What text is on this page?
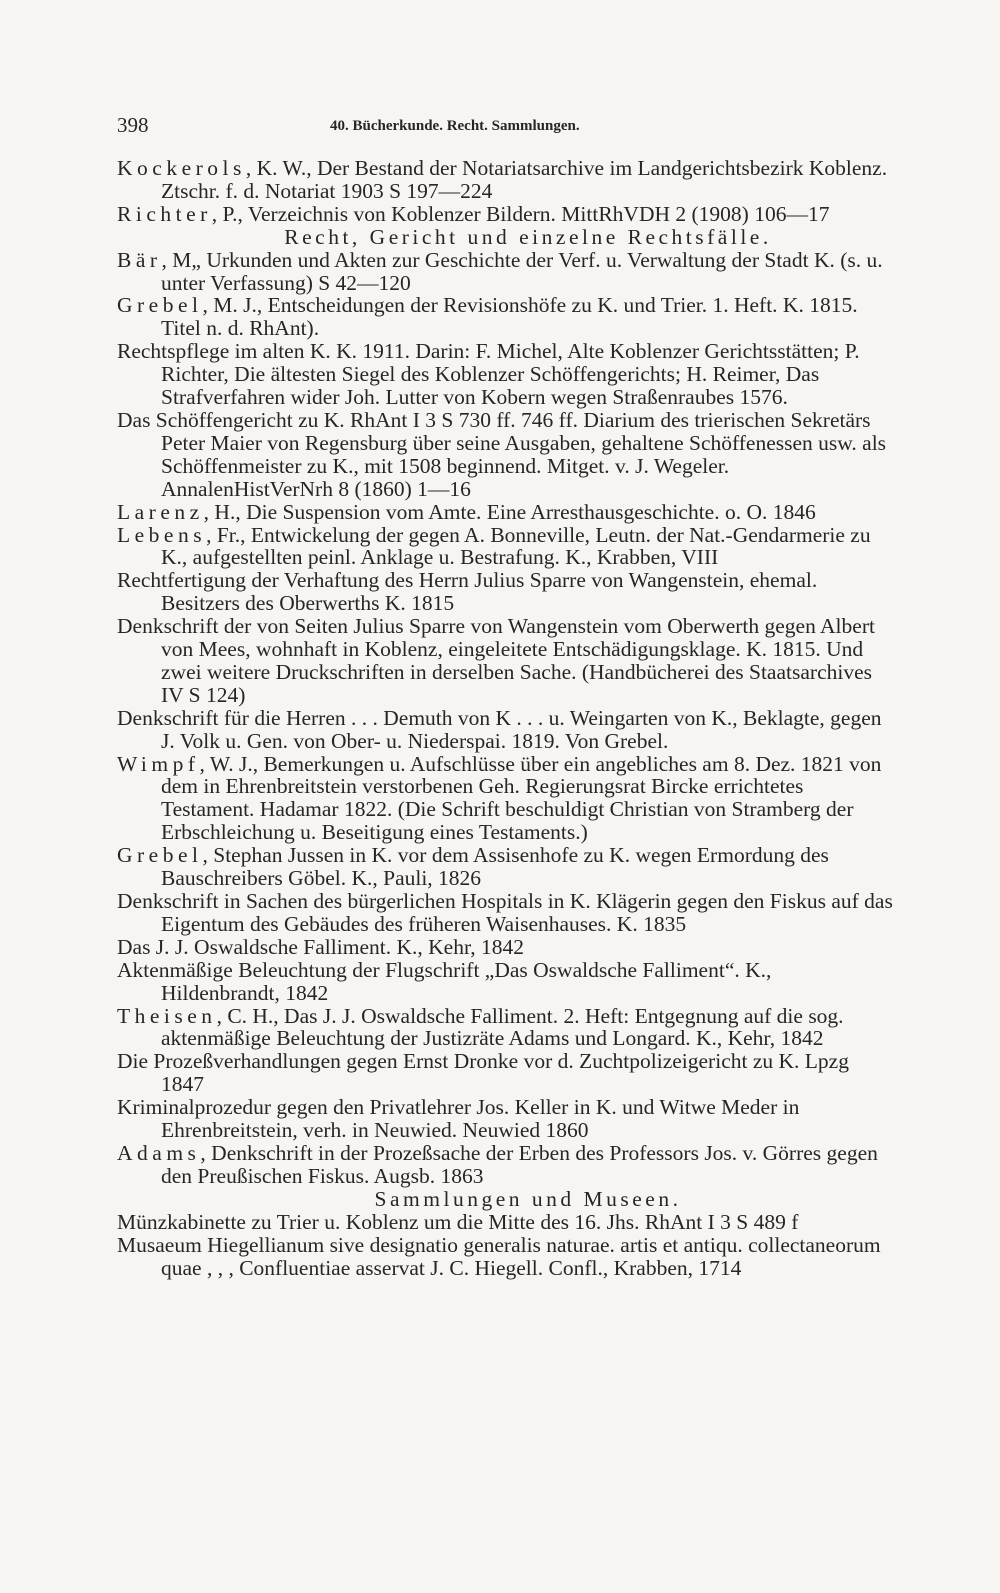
398	40. Bücherkunde. Recht. Sammlungen.
Kockerols, K. W., Der Bestand der Notariatsarchive im Landgerichtsbezirk Koblenz. Ztschr. f. d. Notariat 1903 S 197—224
Richter, P., Verzeichnis von Koblenzer Bildern. MittRhVDH 2 (1908) 106—17
Recht, Gericht und einzelne Rechtsfälle.
Bär, M„ Urkunden und Akten zur Geschichte der Verf. u. Verwaltung der Stadt K. (s. u. unter Verfassung) S 42—120
Grebel, M. J., Entscheidungen der Revisionshöfe zu K. und Trier. 1. Heft. K. 1815. Titel n. d. RhAnt).
Rechtspflege im alten K. K. 1911. Darin: F. Michel, Alte Koblenzer Gerichtsstätten; P. Richter, Die ältesten Siegel des Koblenzer Schöffengerichts; H. Reimer, Das Strafverfahren wider Joh. Lutter von Kobern wegen Straßenraubes 1576.
Das Schöffengericht zu K. RhAnt I 3 S 730 ff. 746 ff. Diarium des trierischen Sekretärs Peter Maier von Regensburg über seine Ausgaben, gehaltene Schöffenessen usw. als Schöffenmeister zu K., mit 1508 beginnend. Mitget. v. J. Wegeler. AnnalenHistVerNrh 8 (1860) 1—16
Larenz, H., Die Suspension vom Amte. Eine Arresthausgeschichte. o. O. 1846
Lebens, Fr., Entwickelung der gegen A. Bonneville, Leutn. der Nat.-Gendarmerie zu K., aufgestellten peinl. Anklage u. Bestrafung. K., Krabben, VIII
Rechtfertigung der Verhaftung des Herrn Julius Sparre von Wangenstein, ehemal. Besitzers des Oberwerths K. 1815
Denkschrift der von Seiten Julius Sparre von Wangenstein vom Oberwerth gegen Albert von Mees, wohnhaft in Koblenz, eingeleitete Entschädigungsklage. K. 1815. Und zwei weitere Druckschriften in derselben Sache. (Handbücherei des Staatsarchives IV S 124)
Denkschrift für die Herren . . . Demuth von K . . . u. Weingarten von K., Beklagte, gegen J. Volk u. Gen. von Ober- u. Niederspai. 1819. Von Grebel.
Wimpf, W. J., Bemerkungen u. Aufschlüsse über ein angebliches am 8. Dez. 1821 von dem in Ehrenbreitstein verstorbenen Geh. Regierungsrat Bircke errichtetes Testament. Hadamar 1822. (Die Schrift beschuldigt Christian von Stramberg der Erbschleichung u. Beseitigung eines Testaments.)
Grebel, Stephan Jussen in K. vor dem Assisenhofe zu K. wegen Ermordung des Bauschreibers Göbel. K., Pauli, 1826
Denkschrift in Sachen des bürgerlichen Hospitals in K. Klägerin gegen den Fiskus auf das Eigentum des Gebäudes des früheren Waisenhauses. K. 1835
Das J. J. Oswaldsche Falliment. K., Kehr, 1842
Aktenmäßige Beleuchtung der Flugschrift „Das Oswaldsche Falliment“. K., Hildenbrandt, 1842
Theisen, C. H., Das J. J. Oswaldsche Falliment. 2. Heft: Entgegnung auf die sog. aktenmäßige Beleuchtung der Justizräte Adams und Longard. K., Kehr, 1842
Die Prozeßverhandlungen gegen Ernst Dronke vor d. Zuchtpolizeigericht zu K. Lpzg 1847
Kriminalprozedur gegen den Privatlehrer Jos. Keller in K. und Witwe Meder in Ehrenbreitstein, verh. in Neuwied. Neuwied 1860
Adams, Denkschrift in der Prozeßsache der Erben des Professors Jos. v. Görres gegen den Preußischen Fiskus. Augsb. 1863
Sammlungen und Museen.
Münzkabinette zu Trier u. Koblenz um die Mitte des 16. Jhs. RhAnt I 3 S 489 f
Musaeum Hiegellianum sive designatio generalis naturae. artis et antiqu. collectaneorum quae , , , Confluentiae asservat J. C. Hiegell. Confl., Krabben, 1714
